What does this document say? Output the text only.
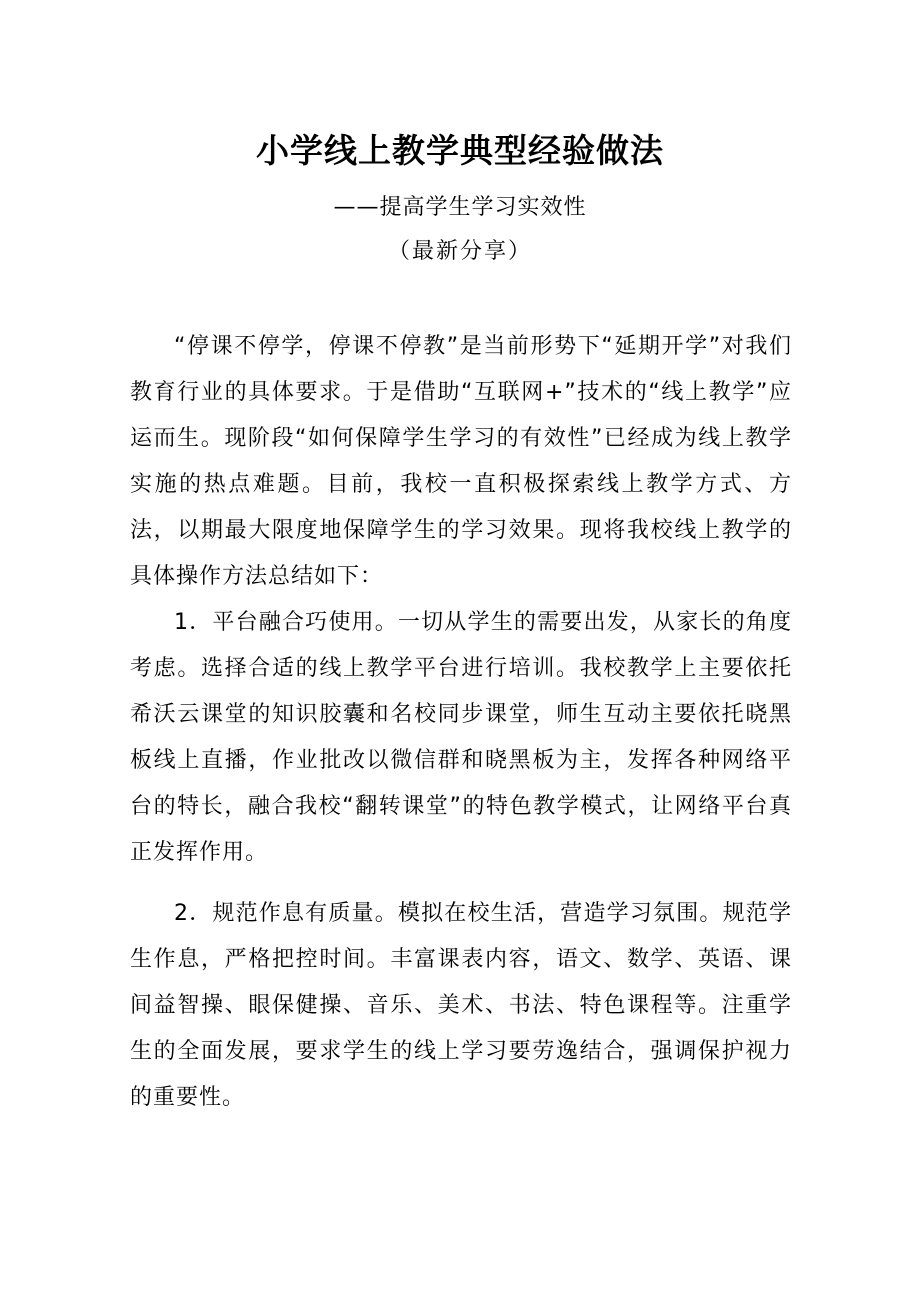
小学线上教学典型经验做法
——提高学生学习实效性
（最新分享）

“停课不停学，停课不停教”是当前形势下“延期开学”对我们教育行业的具体要求。于是借助“互联网+”技术的“线上教学”应运而生。现阶段“如何保障学生学习的有效性”已经成为线上教学实施的热点难题。目前，我校一直积极探索线上教学方式、方法，以期最大限度地保障学生的学习效果。现将我校线上教学的具体操作方法总结如下：

1．平台融合巧使用。一切从学生的需要出发，从家长的角度考虑。选择合适的线上教学平台进行培训。我校教学上主要依托希沃云课堂的知识胶囊和名校同步课堂，师生互动主要依托晓黑板线上直播，作业批改以微信群和晓黑板为主，发挥各种网络平台的特长，融合我校“翻转课堂”的特色教学模式，让网络平台真正发挥作用。

2．规范作息有质量。模拟在校生活，营造学习氛围。规范学生作息，严格把控时间。丰富课表内容，语文、数学、英语、课间益智操、眼保健操、音乐、美术、书法、特色课程等。注重学生的全面发展，要求学生的线上学习要劳逸结合，强调保护视力的重要性。
